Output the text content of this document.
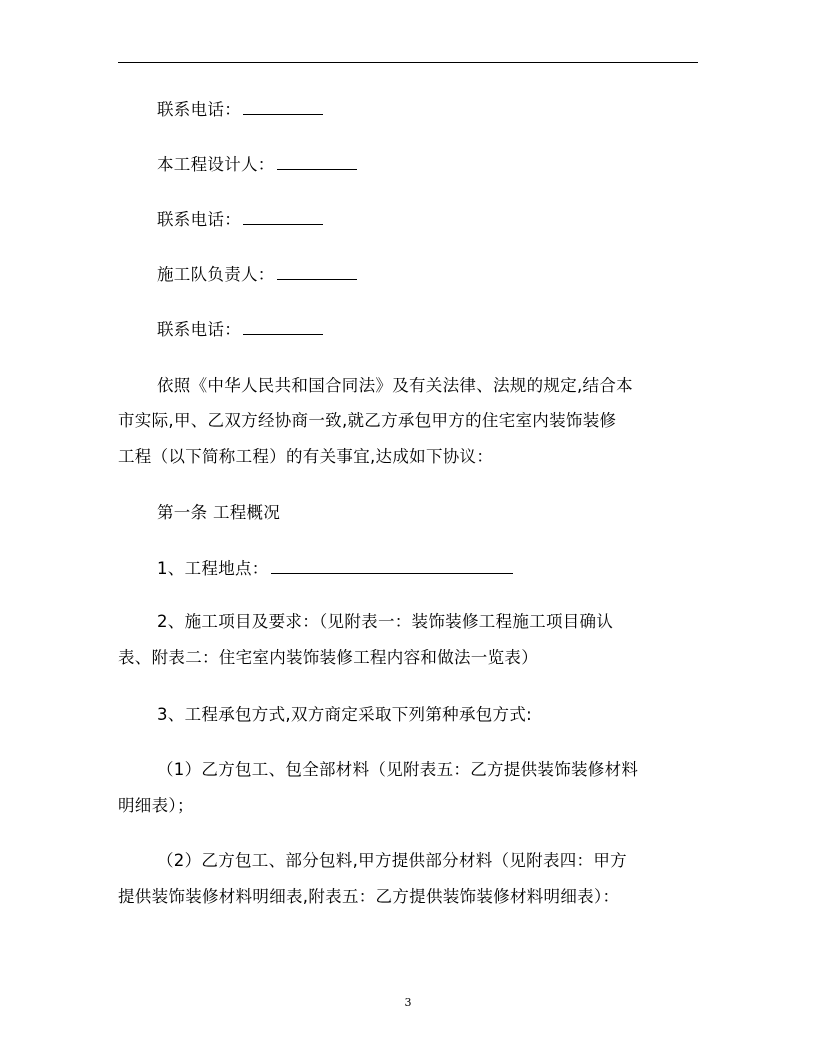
联系电话：
本工程设计人：
联系电话：
施工队负责人：
联系电话：
依照《中华人民共和国合同法》及有关法律、法规的规定,结合本
市实际,甲、乙双方经协商一致,就乙方承包甲方的住宅室内装饰装修
工程（以下简称工程）的有关事宜,达成如下协议：
第一条 工程概况
1、工程地点：
2、施工项目及要求：（见附表一：装饰装修工程施工项目确认
表、附表二：住宅室内装饰装修工程内容和做法一览表）
3、工程承包方式,双方商定采取下列第种承包方式:
（1）乙方包工、包全部材料（见附表五：乙方提供装饰装修材料
明细表）；
（2）乙方包工、部分包料,甲方提供部分材料（见附表四：甲方
提供装饰装修材料明细表,附表五：乙方提供装饰装修材料明细表）：
3
